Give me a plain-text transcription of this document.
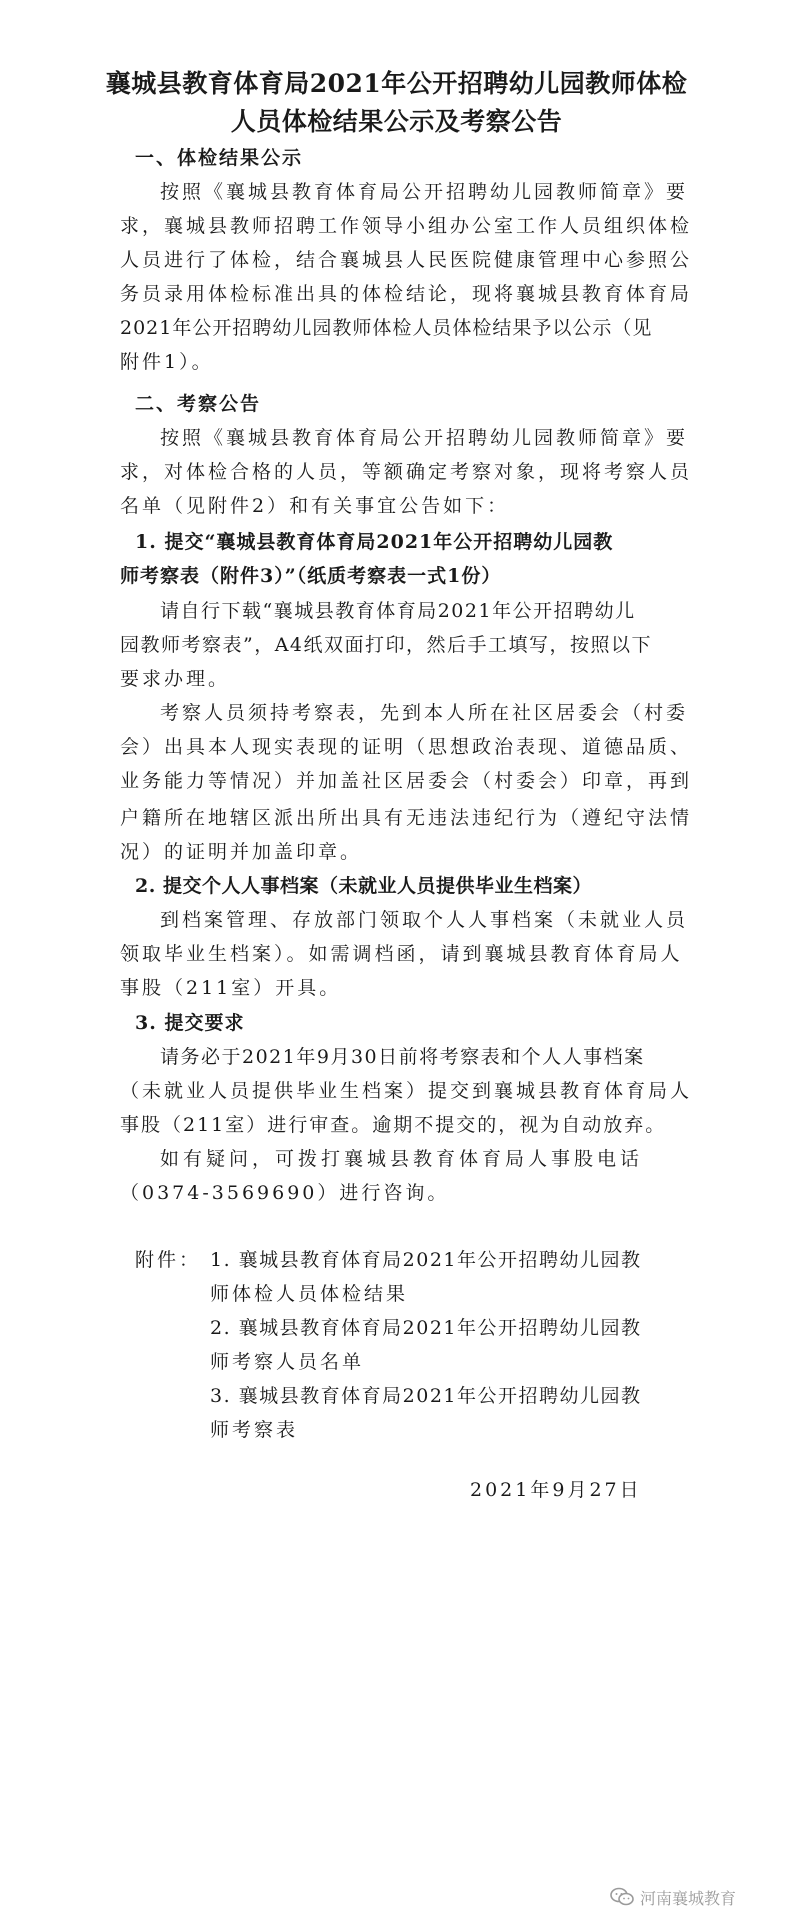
襄城县教育体育局2021年公开招聘幼儿园教师体检
人员体检结果公示及考察公告
一、体检结果公示
按照《襄城县教育体育局公开招聘幼儿园教师简章》要
求，襄城县教师招聘工作领导小组办公室工作人员组织体检
人员进行了体检，结合襄城县人民医院健康管理中心参照公
务员录用体检标准出具的体检结论，现将襄城县教育体育局
2021年公开招聘幼儿园教师体检人员体检结果予以公示（见
附件1）。
二、考察公告
按照《襄城县教育体育局公开招聘幼儿园教师简章》要
求，对体检合格的人员，等额确定考察对象，现将考察人员
名单（见附件2）和有关事宜公告如下：
1. 提交“襄城县教育体育局2021年公开招聘幼儿园教
师考察表（附件3）”（纸质考察表一式1份）
请自行下载“襄城县教育体育局2021年公开招聘幼儿
园教师考察表”，A4纸双面打印，然后手工填写，按照以下
要求办理。
考察人员须持考察表，先到本人所在社区居委会（村委
会）出具本人现实表现的证明（思想政治表现、道德品质、
业务能力等情况）并加盖社区居委会（村委会）印章，再到
户籍所在地辖区派出所出具有无违法违纪行为（遵纪守法情
况）的证明并加盖印章。
2. 提交个人人事档案（未就业人员提供毕业生档案）
到档案管理、存放部门领取个人人事档案（未就业人员
领取毕业生档案）。如需调档函，请到襄城县教育体育局人
事股（211室）开具。
3. 提交要求
请务必于2021年9月30日前将考察表和个人人事档案
（未就业人员提供毕业生档案）提交到襄城县教育体育局人
事股（211室）进行审查。逾期不提交的，视为自动放弃。
如有疑问，可拨打襄城县教育体育局人事股电话
（0374-3569690）进行咨询。
附件： 1. 襄城县教育体育局2021年公开招聘幼儿园教
师体检人员体检结果
2. 襄城县教育体育局2021年公开招聘幼儿园教
师考察人员名单
3. 襄城县教育体育局2021年公开招聘幼儿园教
师考察表
2021年9月27日
河南襄城教育
